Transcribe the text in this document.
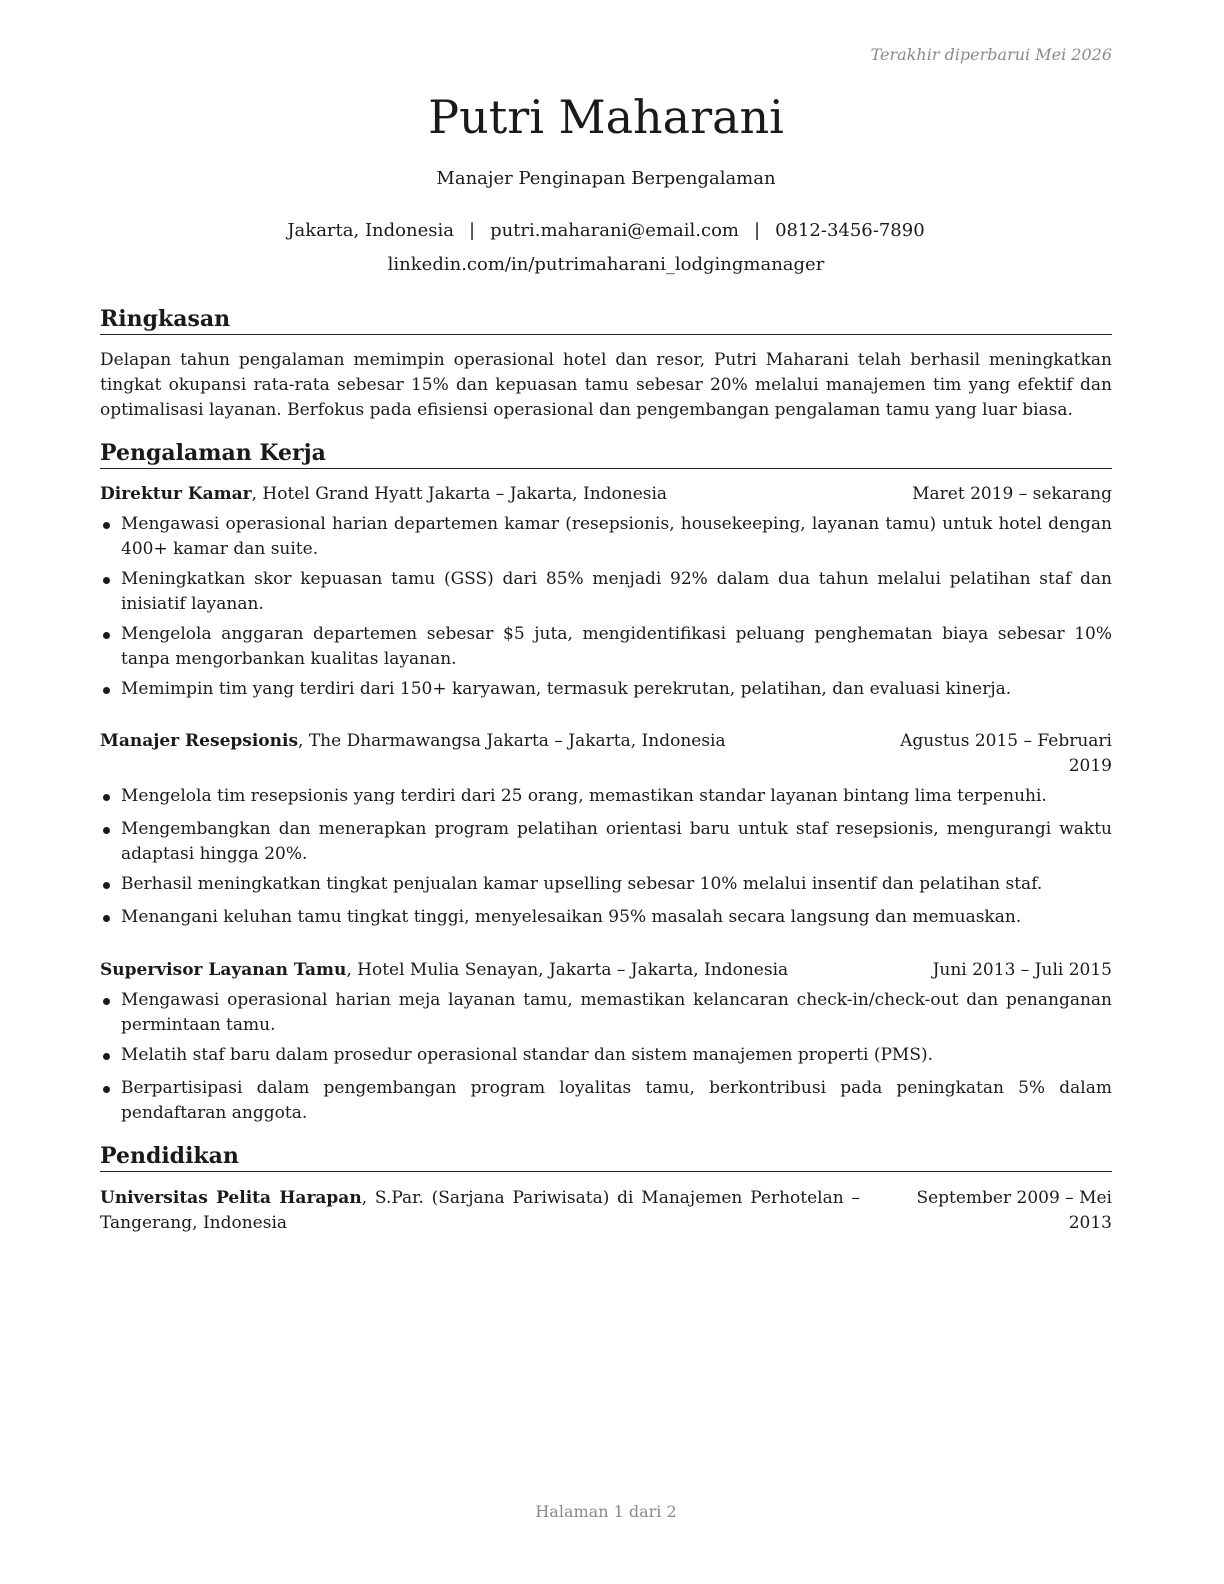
Terakhir diperbarui Mei 2026
Putri Maharani
Manajer Penginapan Berpengalaman
Jakarta, Indonesia | putri.maharani@email.com | 0812-3456-7890
linkedin.com/in/putrimaharani_lodgingmanager
Ringkasan
Delapan tahun pengalaman memimpin operasional hotel dan resor, Putri Maharani telah berhasil meningkatkan tingkat okupansi rata-rata sebesar 15% dan kepuasan tamu sebesar 20% melalui manajemen tim yang efektif dan optimalisasi layanan. Berfokus pada efisiensi operasional dan pengembangan pengalaman tamu yang luar biasa.
Pengalaman Kerja
Direktur Kamar, Hotel Grand Hyatt Jakarta – Jakarta, Indonesia	Maret 2019 – sekarang
Mengawasi operasional harian departemen kamar (resepsionis, housekeeping, layanan tamu) untuk hotel dengan 400+ kamar dan suite.
Meningkatkan skor kepuasan tamu (GSS) dari 85% menjadi 92% dalam dua tahun melalui pelatihan staf dan inisiatif layanan.
Mengelola anggaran departemen sebesar $5 juta, mengidentifikasi peluang penghematan biaya sebesar 10% tanpa mengorbankan kualitas layanan.
Memimpin tim yang terdiri dari 150+ karyawan, termasuk perekrutan, pelatihan, dan evaluasi kinerja.
Manajer Resepsionis, The Dharmawangsa Jakarta – Jakarta, Indonesia	Agustus 2015 – Februari 2019
Mengelola tim resepsionis yang terdiri dari 25 orang, memastikan standar layanan bintang lima terpenuhi.
Mengembangkan dan menerapkan program pelatihan orientasi baru untuk staf resepsionis, mengurangi waktu adaptasi hingga 20%.
Berhasil meningkatkan tingkat penjualan kamar upselling sebesar 10% melalui insentif dan pelatihan staf.
Menangani keluhan tamu tingkat tinggi, menyelesaikan 95% masalah secara langsung dan memuaskan.
Supervisor Layanan Tamu, Hotel Mulia Senayan, Jakarta – Jakarta, Indonesia	Juni 2013 – Juli 2015
Mengawasi operasional harian meja layanan tamu, memastikan kelancaran check-in/check-out dan penanganan permintaan tamu.
Melatih staf baru dalam prosedur operasional standar dan sistem manajemen properti (PMS).
Berpartisipasi dalam pengembangan program loyalitas tamu, berkontribusi pada peningkatan 5% dalam pendaftaran anggota.
Pendidikan
Universitas Pelita Harapan, S.Par. (Sarjana Pariwisata) di Manajemen Perhotelan – Tangerang, Indonesia
September 2009 – Mei 2013
Halaman 1 dari 2
